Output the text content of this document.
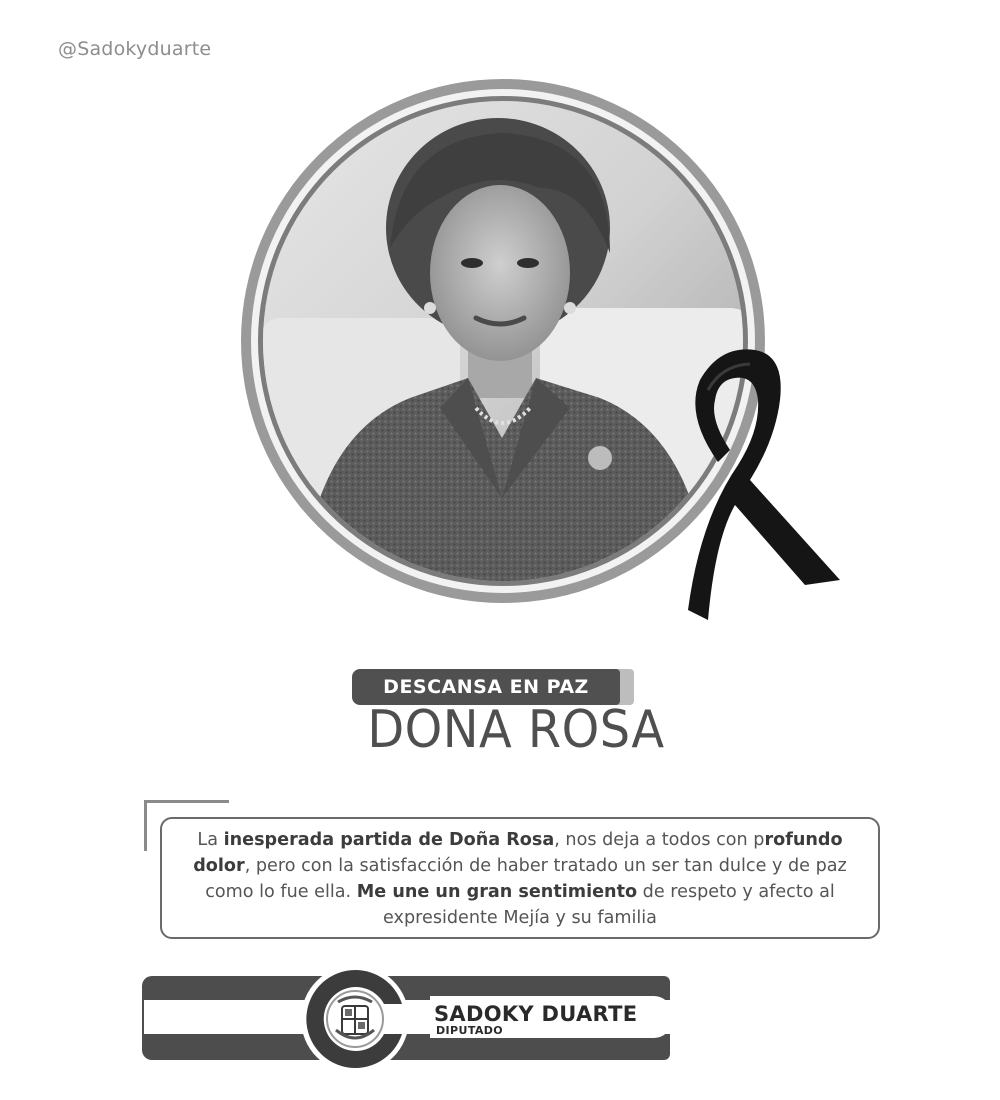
@Sadokyduarte
DESCANSA EN PAZ
DOÑA ROSA
La inesperada partida de Doña Rosa, nos deja a todos con profundo dolor, pero con la satisfacción de haber tratado un ser tan dulce y de paz como lo fue ella. Me une un gran sentimiento de respeto y afecto al expresidente Mejía y su familia
SADOKY DUARTE
DIPUTADO
